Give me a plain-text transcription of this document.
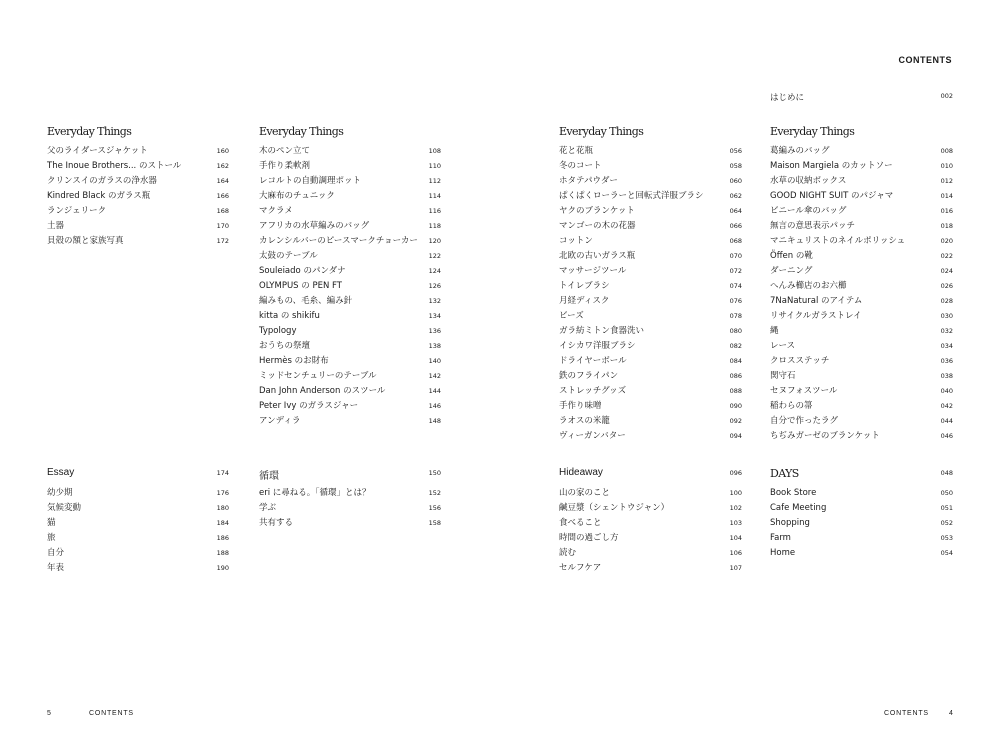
CONTENTS
はじめに	002
Everyday Things
父のライダースジャケット	160
The Inoue Brothers... のストール	162
クリンスイのガラスの浄水器	164
Kindred Black のガラス瓶	166
ランジェリーク	168
土器	170
貝殻の額と家族写真	172
Everyday Things
木のペン立て	108
手作り柔軟剤	110
レコルトの自動調理ポット	112
大麻布のチュニック	114
マクラメ	116
アフリカの水草編みのバッグ	118
カレンシルバーのピースマークチョーカー 120
太鼓のテーブル	122
Souleiado のパンダナ	124
OLYMPUS の PEN FT	126
編みもの、毛糸、編み針	132
kitta の shikifu	134
Typology	136
おうちの祭壇	138
Hermès のお財布	140
ミッドセンチュリーのテーブル	142
Dan John Anderson のスツール	144
Peter Ivy のガラスジャー	146
アンディラ	148
Everyday Things
花と花瓶	056
冬のコート	058
ホタテパウダー	060
ぱくぱくローラーと回転式洋服ブラシ	062
ヤクのブランケット	064
マンゴーの木の花器	066
コットン	068
北欧の古いガラス瓶	070
マッサージツール	072
トイレブラシ	074
月経ディスク	076
ビーズ	078
ガラ紡ミトン食器洗い	080
イシカワ洋服ブラシ	082
ドライヤーボール	084
鉄のフライパン	086
ストレッチグッズ	088
手作り味噌	090
ラオスの米籠	092
ヴィーガンバター	094
Everyday Things
葛編みのバッグ	008
Maison Margiela のカットソー	010
水草の収納ボックス	012
GOOD NIGHT SUIT のパジャマ	014
ビニール傘のバッグ	016
無言の意思表示パッチ	018
マニキュリストのネイルポリッシュ	020
Öffen の靴	022
ダーニング	024
へんみ櫛店のお六櫛	026
7NaNatural のアイテム	028
リサイクルガラストレイ	030
縄	032
レース	034
クロスステッチ	036
関守石	038
セヌフォスツール	040
稲わらの箒	042
自分で作ったラグ	044
ちぢみガーゼのブランケット	046
Essay	174
幼少期	176
気候変動	180
猫	184
旅	186
自分	188
年表	190
循環	150
eri に尋ねる。「循環」とは？	152
学ぶ	156
共有する	158
Hideaway	096
山の家のこと	100
鹹豆漿（シェントウジャン）	102
食べること	103
時間の過ごし方	104
読む	106
セルフケア	107
DAYS	048
Book Store	050
Cafe Meeting	051
Shopping	052
Farm	053
Home	054
5	CONTENTS	CONTENTS	4
